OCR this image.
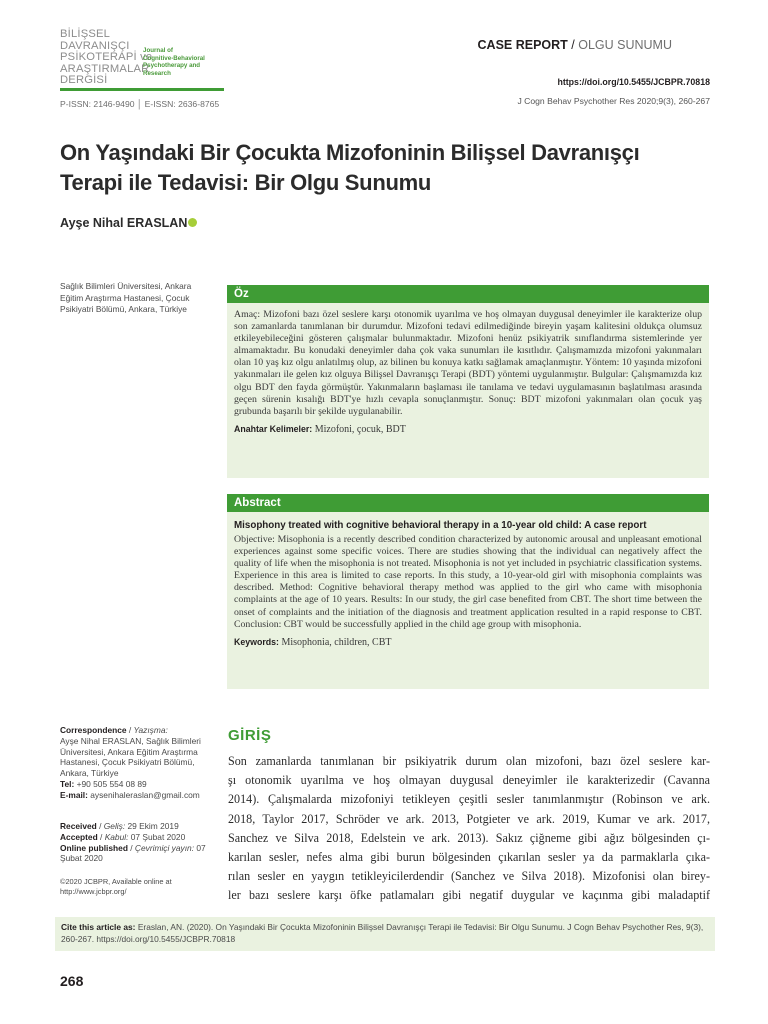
BİLİŞSEL
DAVRANIŞÇI
PSİKOTERAPİ ve
ARAŞTIRMALAR
DERGİSİ
Journal of
Cognitive-Behavioral
Psychotherapy and
Research
P-ISSN: 2146-9490 │ E-ISSN: 2636-8765
CASE REPORT / OLGU SUNUMU
https://doi.org/10.5455/JCBPR.70818
J Cogn Behav Psychother Res 2020;9(3), 260-267
On Yaşındaki Bir Çocukta Mizofoninin Bilişsel Davranışçı Terapi ile Tedavisi: Bir Olgu Sunumu
Ayşe Nihal ERASLAN
Sağlık Bilimleri Üniversitesi, Ankara Eğitim Araştırma Hastanesi, Çocuk Psikiyatri Bölümü, Ankara, Türkiye
Öz
Amaç: Mizofoni bazı özel seslere karşı otonomik uyarılma ve hoş olmayan duygusal deneyimler ile karakterize olup son zamanlarda tanımlanan bir durumdur. Mizofoni tedavi edilmediğinde bireyin yaşam kalitesini oldukça olumsuz etkileyebileceğini gösteren çalışmalar bulunmaktadır. Mizofoni henüz psikiyatrik sınıflandırma sistemlerinde yer almamaktadır. Bu konudaki deneyimler daha çok vaka sunumları ile kısıtlıdır. Çalışmamızda mizofoni yakınmaları olan 10 yaş kız olgu anlatılmış olup, az bilinen bu konuya katkı sağlamak amaçlanmıştır. Yöntem: 10 yaşında mizofoni yakınmaları ile gelen kız olguya Bilişsel Davranışçı Terapi (BDT) yöntemi uygulanmıştır. Bulgular: Çalışmamızda kız olgu BDT den fayda görmüştür. Yakınmaların başlaması ile tanılama ve tedavi uygulamasının başlatılması arasında geçen sürenin kısalığı BDT'ye hızlı cevapla sonuçlanmıştır. Sonuç: BDT mizofoni yakınmaları olan çocuk yaş grubunda başarılı bir şekilde uygulanabilir.
Anahtar Kelimeler: Mizofoni, çocuk, BDT
Abstract
Misophony treated with cognitive behavioral therapy in a 10-year old child: A case report
Objective: Misophonia is a recently described condition characterized by autonomic arousal and unpleasant emotional experiences against some specific voices. There are studies showing that the individual can negatively affect the quality of life when the misophonia is not treated. Misophonia is not yet included in psychiatric classification systems. Experience in this area is limited to case reports. In this study, a 10-year-old girl with misophonia complaints was described. Method: Cognitive behavioral therapy method was applied to the girl who came with misophonia complaints at the age of 10 years. Results: In our study, the girl case benefited from CBT. The short time between the onset of complaints and the initiation of the diagnosis and treatment application resulted in a rapid response to CBT. Conclusion: CBT would be successfully applied in the child age group with misophonia.
Keywords: Misophonia, children, CBT
Correspondence / Yazışma:
Ayşe Nihal ERASLAN, Sağlık Bilimleri Üniversitesi, Ankara Eğitim Araştırma Hastanesi, Çocuk Psikiyatri Bölümü, Ankara, Türkiye
Tel: +90 505 554 08 89
E-mail: aysenihaleraslan@gmail.com
Received / Geliş: 29 Ekim 2019
Accepted / Kabul: 07 Şubat 2020
Online published / Çevrimiçi yayın: 07 Şubat 2020
©2020 JCBPR, Available online at http://www.jcbpr.org/
GİRİŞ
Son zamanlarda tanımlanan bir psikiyatrik durum olan mizofoni, bazı özel seslere kar-
şı otonomik uyarılma ve hoş olmayan duygusal deneyimler ile karakterizedir (Cavanna
2014). Çalışmalarda mizofoniyi tetikleyen çeşitli sesler tanımlanmıştır (Robinson ve ark.
2018, Taylor 2017, Schröder ve ark. 2013, Potgieter ve ark. 2019, Kumar ve ark. 2017,
Sanchez ve Silva 2018, Edelstein ve ark. 2013). Sakız çiğneme gibi ağız bölgesinden çı-
karılan sesler, nefes alma gibi burun bölgesinden çıkarılan sesler ya da parmaklarla çıka-
rılan sesler en yaygın tetikleyicilerdendir (Sanchez ve Silva 2018). Mizofonisi olan birey-
ler bazı seslere karşı öfke patlamaları gibi negatif duygular ve kaçınma gibi maladaptif
Cite this article as: Eraslan, AN. (2020). On Yaşındaki Bir Çocukta Mizofoninin Bilişsel Davranışçı Terapi ile Tedavisi: Bir Olgu Sunumu. J Cogn Behav Psychother Res, 9(3), 260-267. https://doi.org/10.5455/JCBPR.70818
268
